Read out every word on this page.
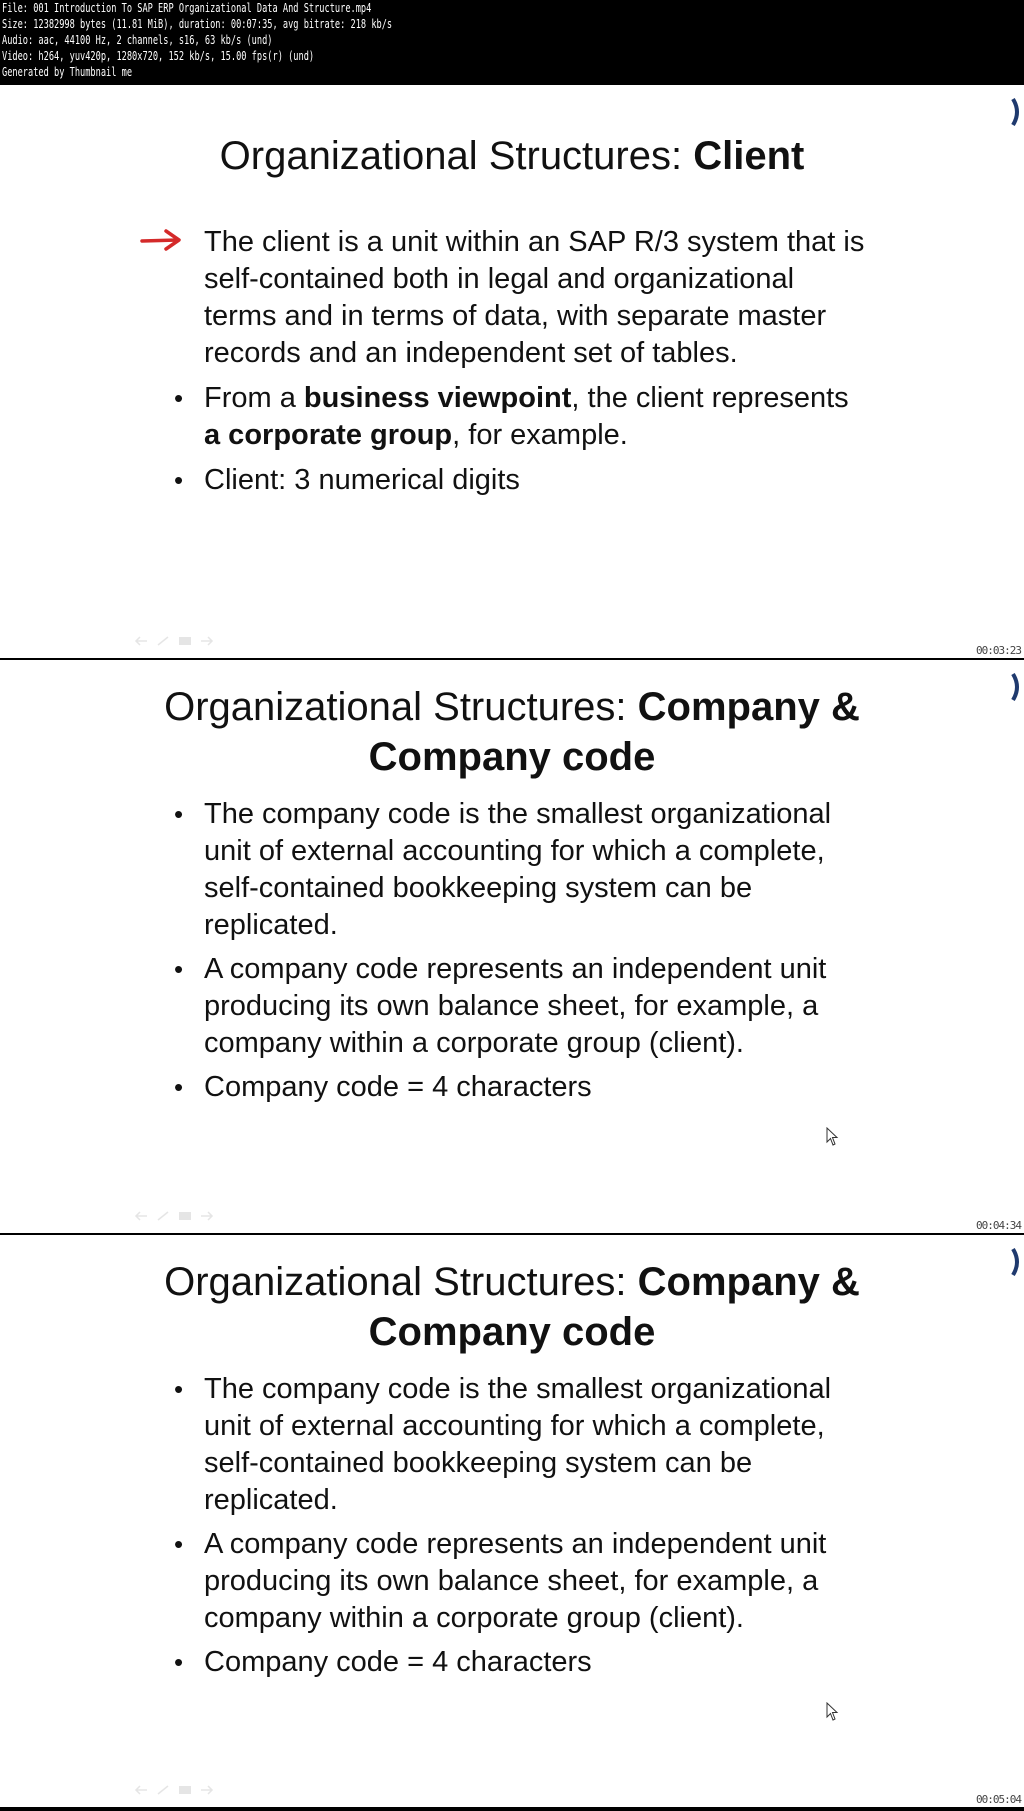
File: 001 Introduction To SAP ERP Organizational Data And Structure.mp4
Size: 12382998 bytes (11.81 MiB), duration: 00:07:35, avg bitrate: 218 kb/s
Audio: aac, 44100 Hz, 2 channels, s16, 63 kb/s (und)
Video: h264, yuv420p, 1280x720, 152 kb/s, 15.00 fps(r) (und)
Generated by Thumbnail me
Organizational Structures: Client
The client is a unit within an SAP R/3 system that is self-contained both in legal and organizational terms and in terms of data, with separate master records and an independent set of tables.
• From a business viewpoint, the client represents a corporate group, for example.
• Client: 3 numerical digits
00:03:23
Organizational Structures: Company &
Company code
• The company code is the smallest organizational unit of external accounting for which a complete, self-contained bookkeeping system can be replicated.
• A company code represents an independent unit producing its own balance sheet, for example, a company within a corporate group (client).
• Company code = 4 characters
00:04:34
Organizational Structures: Company &
Company code
• The company code is the smallest organizational unit of external accounting for which a complete, self-contained bookkeeping system can be replicated.
• A company code represents an independent unit producing its own balance sheet, for example, a company within a corporate group (client).
• Company code = 4 characters
00:05:04
